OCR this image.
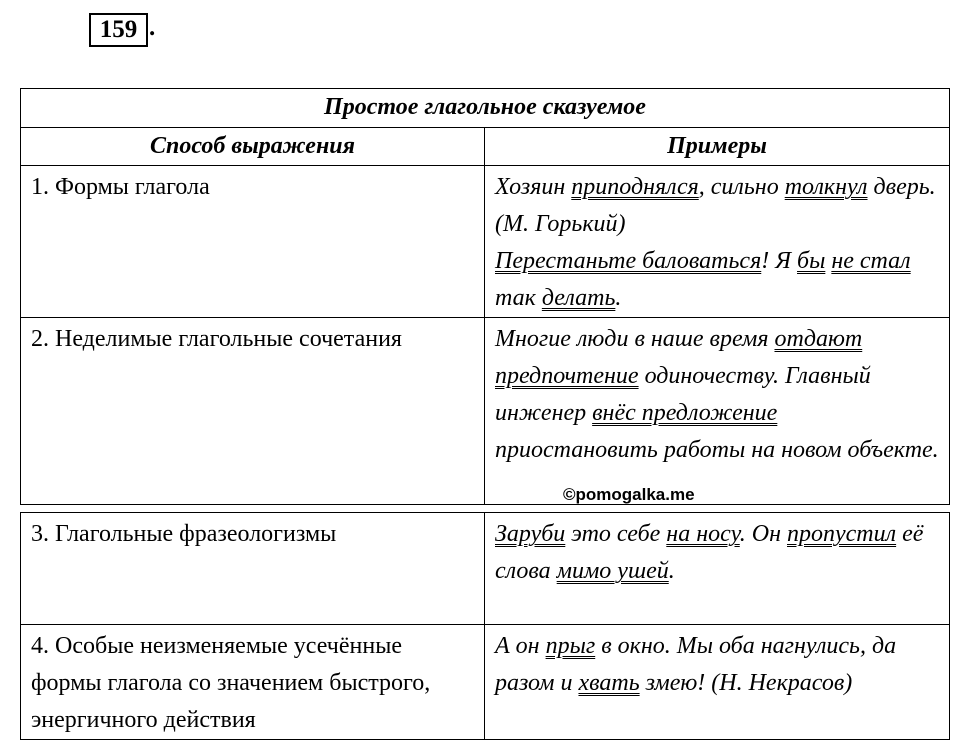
159 .
Простое глагольное сказуемое	
Способ выражения	Примеры
1. Формы глагола	Хозяин приподнялся, сильно толкнул дверь. (М. Горький)
Перестаньте баловаться! Я бы не стал так делать.
2. Неделимые глагольные сочетания	Многие люди в наше время отдают предпочтение одиночеству. Главный инженер внёс предложение приостановить работы на новом объекте.
©pomogalka.me
3. Глагольные фразеологизмы	Заруби это себе на носу. Он пропустил её слова мимо ушей.
4. Особые неизменяемые усечённые формы глагола со значением быстрого, энергичного действия	А он прыг в окно. Мы оба нагнулись, да разом и хвать змею! (Н. Некрасов)
